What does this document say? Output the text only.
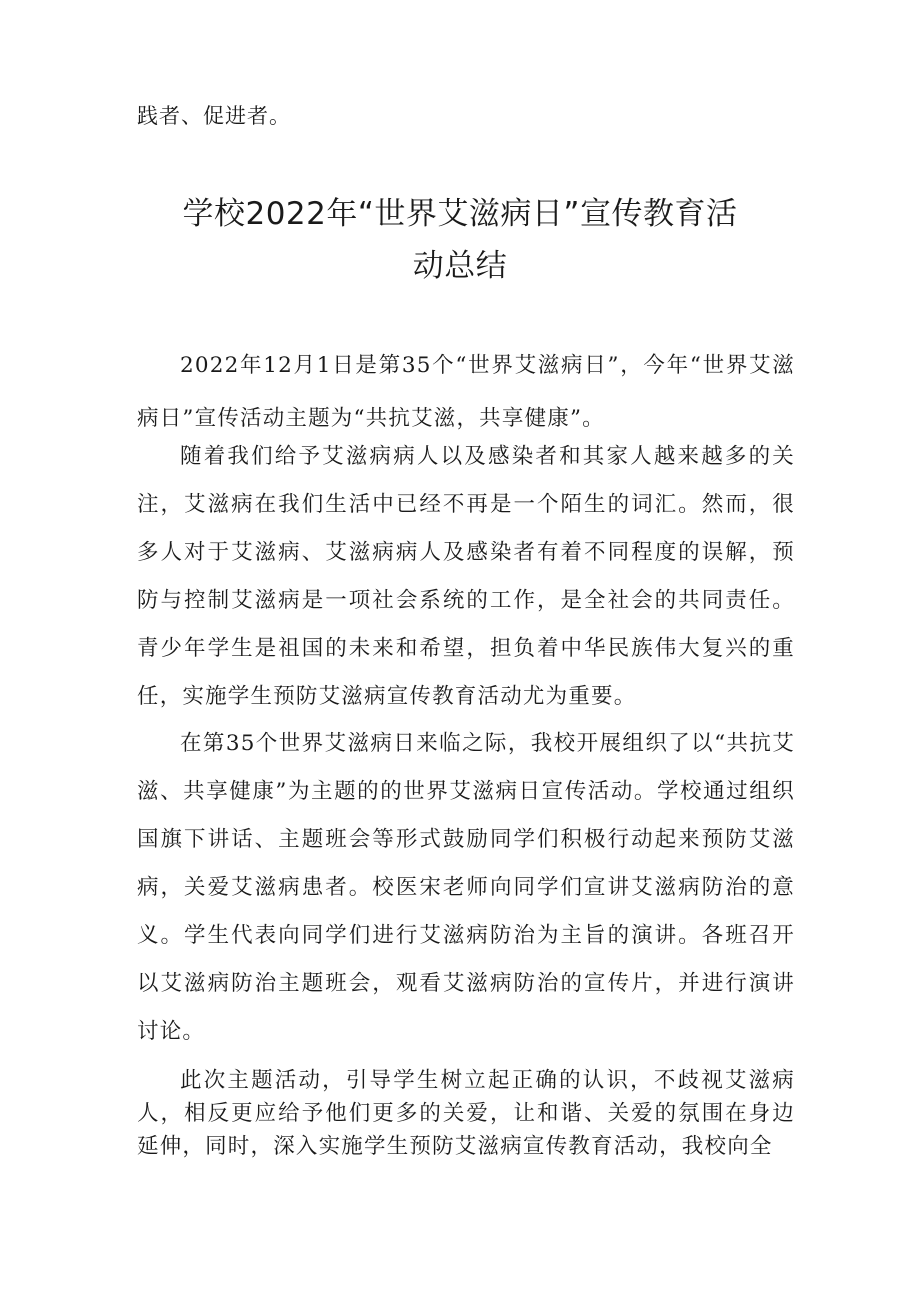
践者、促进者。

学校2022年“世界艾滋病日”宣传教育活
动总结

2022年12月1日是第35个“世界艾滋病日”，今年“世界艾滋病日”宣传活动主题为“共抗艾滋，共享健康”。

随着我们给予艾滋病病人以及感染者和其家人越来越多的关注，艾滋病在我们生活中已经不再是一个陌生的词汇。然而，很多人对于艾滋病、艾滋病病人及感染者有着不同程度的误解，预防与控制艾滋病是一项社会系统的工作，是全社会的共同责任。青少年学生是祖国的未来和希望，担负着中华民族伟大复兴的重任，实施学生预防艾滋病宣传教育活动尤为重要。

在第35个世界艾滋病日来临之际，我校开展组织了以“共抗艾滋、共享健康”为主题的的世界艾滋病日宣传活动。学校通过组织国旗下讲话、主题班会等形式鼓励同学们积极行动起来预防艾滋病，关爱艾滋病患者。校医宋老师向同学们宣讲艾滋病防治的意义。学生代表向同学们进行艾滋病防治为主旨的演讲。各班召开以艾滋病防治主题班会，观看艾滋病防治的宣传片，并进行演讲讨论。

此次主题活动，引导学生树立起正确的认识，不歧视艾滋病人，相反更应给予他们更多的关爱，让和谐、关爱的氛围在身边延伸，同时，深入实施学生预防艾滋病宣传教育活动，我校向全
